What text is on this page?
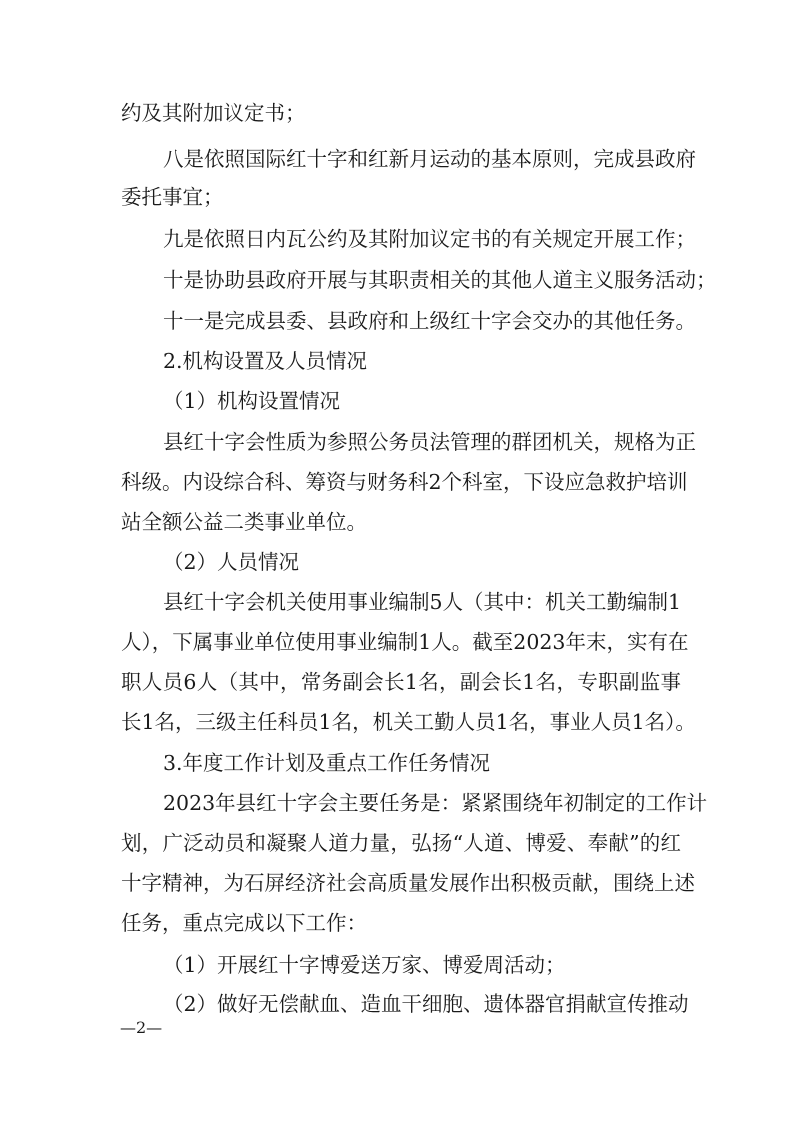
约及其附加议定书；
八是依照国际红十字和红新月运动的基本原则，完成县政府
委托事宜；
九是依照日内瓦公约及其附加议定书的有关规定开展工作；
十是协助县政府开展与其职责相关的其他人道主义服务活动；
十一是完成县委、县政府和上级红十字会交办的其他任务。
2.机构设置及人员情况
（1）机构设置情况
县红十字会性质为参照公务员法管理的群团机关，规格为正
科级。内设综合科、筹资与财务科2个科室，下设应急救护培训
站全额公益二类事业单位。
（2）人员情况
县红十字会机关使用事业编制5人（其中：机关工勤编制1
人），下属事业单位使用事业编制1人。截至2023年末，实有在
职人员6人（其中，常务副会长1名，副会长1名，专职副监事
长1名，三级主任科员1名，机关工勤人员1名，事业人员1名）。
3.年度工作计划及重点工作任务情况
2023年县红十字会主要任务是：紧紧围绕年初制定的工作计
划，广泛动员和凝聚人道力量，弘扬“人道、博爱、奉献”的红
十字精神，为石屏经济社会高质量发展作出积极贡献，围绕上述
任务，重点完成以下工作：
（1）开展红十字博爱送万家、博爱周活动；
（2）做好无偿献血、造血干细胞、遗体器官捐献宣传推动
—2—
